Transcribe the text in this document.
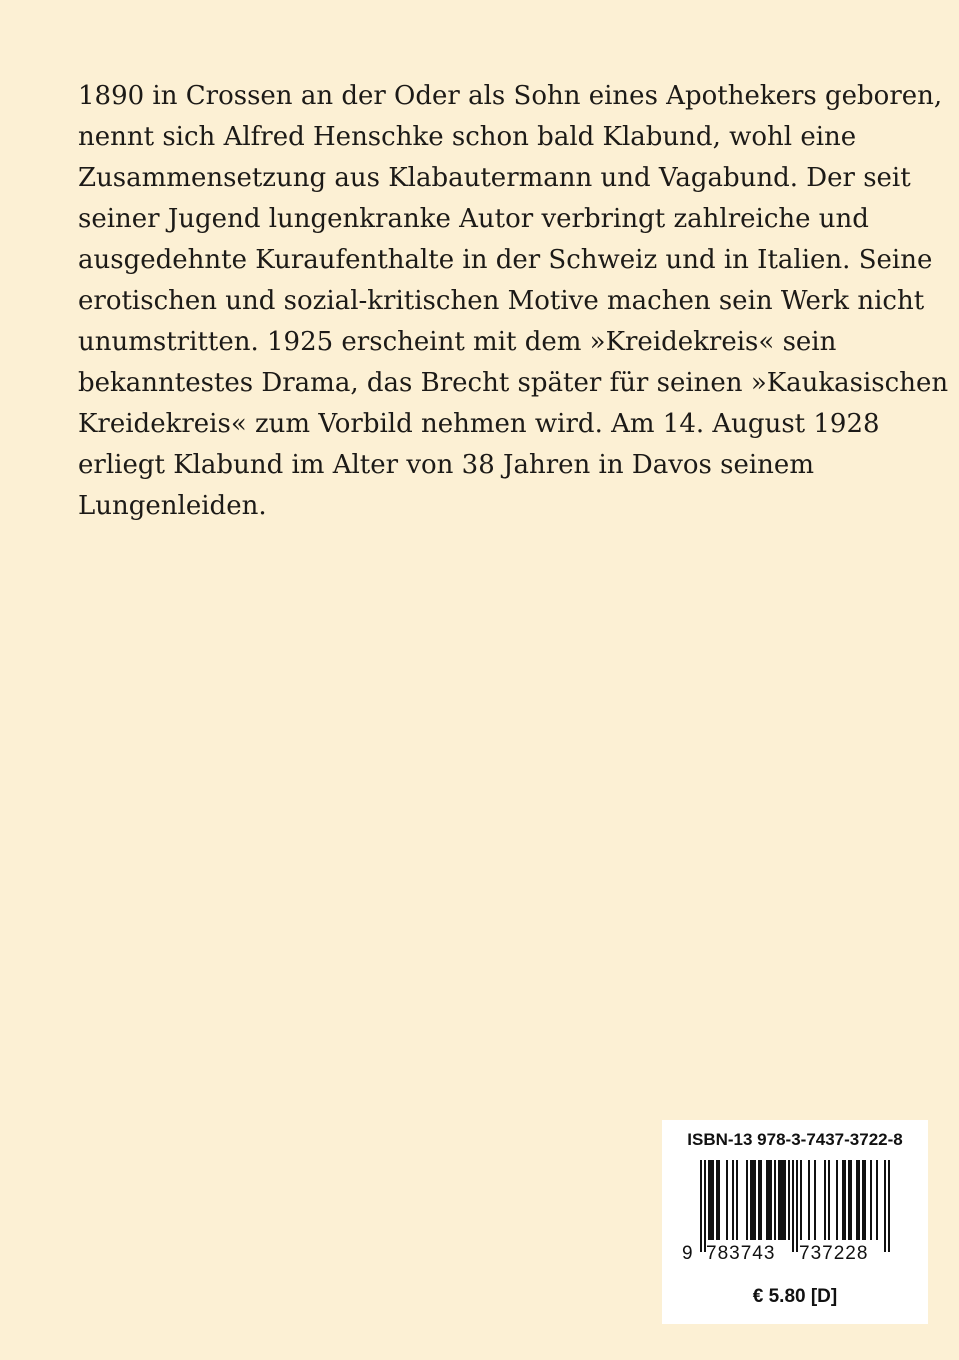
1890 in Crossen an der Oder als Sohn eines Apothekers geboren,
nennt sich Alfred Henschke schon bald Klabund, wohl eine
Zusammensetzung aus Klabautermann und Vagabund. Der seit
seiner Jugend lungenkranke Autor verbringt zahlreiche und
ausgedehnte Kuraufenthalte in der Schweiz und in Italien. Seine
erotischen und sozial-kritischen Motive machen sein Werk nicht
unumstritten. 1925 erscheint mit dem »Kreidekreis« sein
bekanntestes Drama, das Brecht später für seinen »Kaukasischen
Kreidekreis« zum Vorbild nehmen wird. Am 14. August 1928
erliegt Klabund im Alter von 38 Jahren in Davos seinem
Lungenleiden.
ISBN-13 978-3-7437-3722-8
9 783743 737228
€ 5.80 [D]
